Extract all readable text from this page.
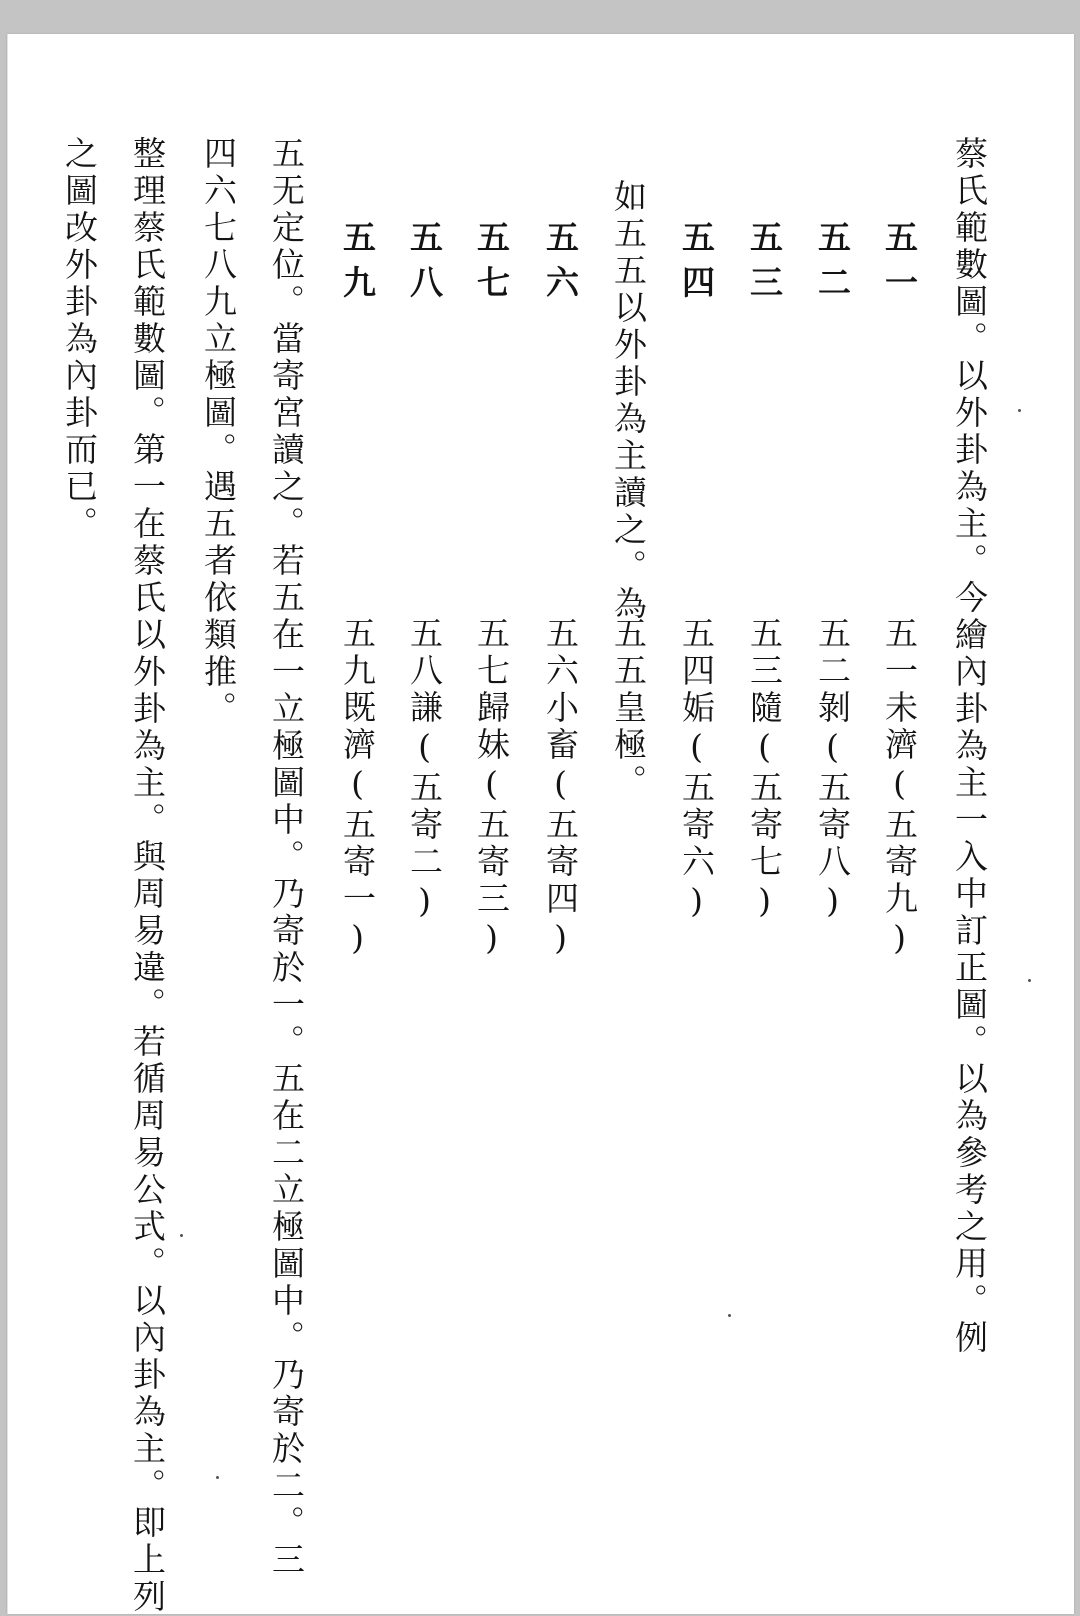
蔡氏範數圖。以外卦為主。今繪內卦為主一入中訂正圖。以為參考之用。例
五一
五二
五三
五四
如五五以外卦為主讀之。為
五六
五七
五八
五九
五一未濟(五寄九)
五二剝(五寄八)
五三隨(五寄七)
五四姤(五寄六)
五五皇極。
五六小畜(五寄四)
五七歸妹(五寄三)
五八謙(五寄二)
五九既濟(五寄一)
五无定位。當寄宮讀之。若五在一立極圖中。乃寄於一。五在二立極圖中。乃寄於二。三
四六七八九立極圖。遇五者依類推。
整理蔡氏範數圖。第一在蔡氏以外卦為主。與周易違。若循周易公式。以內卦為主。即上列
之圖改外卦為內卦而已。
